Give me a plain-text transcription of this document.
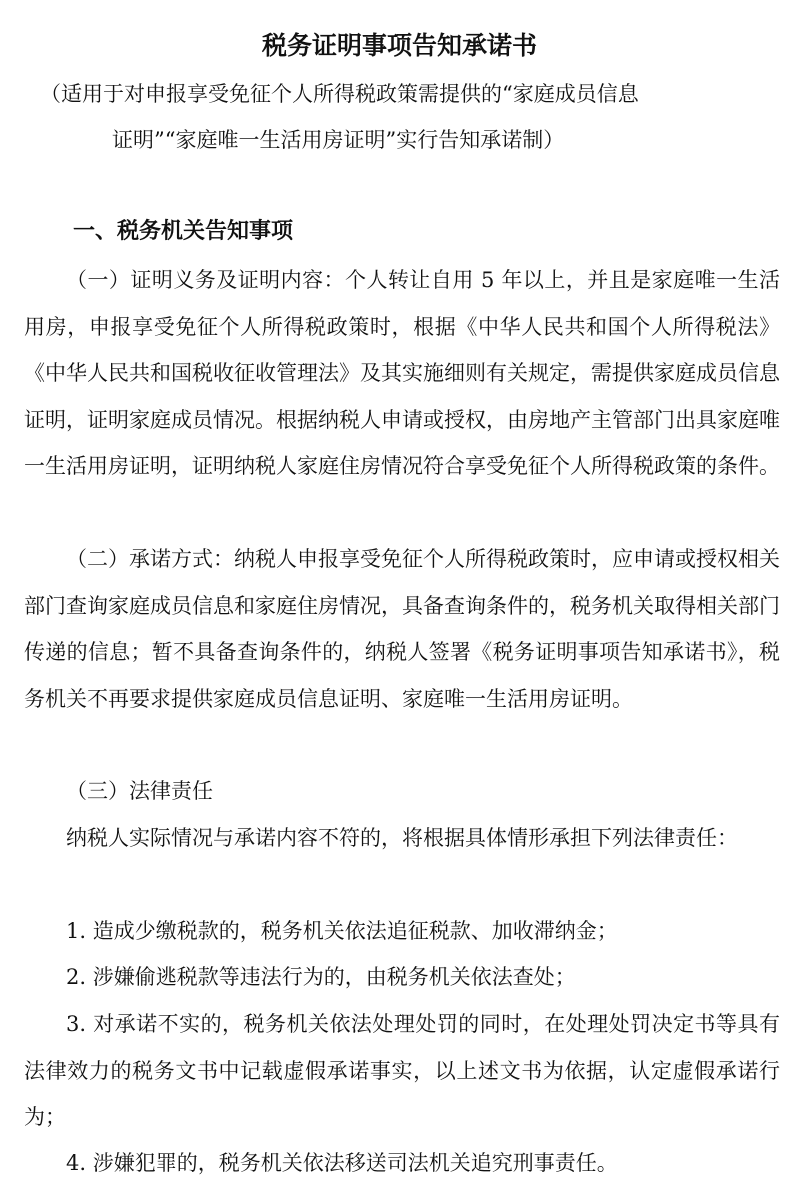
税务证明事项告知承诺书
（适用于对申报享受免征个人所得税政策需提供的“家庭成员信息
证明”“家庭唯一生活用房证明”实行告知承诺制）
一、税务机关告知事项
（一）证明义务及证明内容：个人转让自用 5 年以上，并且是家庭唯一生活用房，申报享受免征个人所得税政策时，根据《中华人民共和国个人所得税法》《中华人民共和国税收征收管理法》及其实施细则有关规定，需提供家庭成员信息证明，证明家庭成员情况。根据纳税人申请或授权，由房地产主管部门出具家庭唯一生活用房证明，证明纳税人家庭住房情况符合享受免征个人所得税政策的条件。
（二）承诺方式：纳税人申报享受免征个人所得税政策时，应申请或授权相关部门查询家庭成员信息和家庭住房情况，具备查询条件的，税务机关取得相关部门传递的信息；暂不具备查询条件的，纳税人签署《税务证明事项告知承诺书》，税务机关不再要求提供家庭成员信息证明、家庭唯一生活用房证明。
（三）法律责任
纳税人实际情况与承诺内容不符的，将根据具体情形承担下列法律责任：
1. 造成少缴税款的，税务机关依法追征税款、加收滞纳金；
2. 涉嫌偷逃税款等违法行为的，由税务机关依法查处；
3. 对承诺不实的，税务机关依法处理处罚的同时，在处理处罚决定书等具有法律效力的税务文书中记载虚假承诺事实，以上述文书为依据，认定虚假承诺行为；
4. 涉嫌犯罪的，税务机关依法移送司法机关追究刑事责任。
